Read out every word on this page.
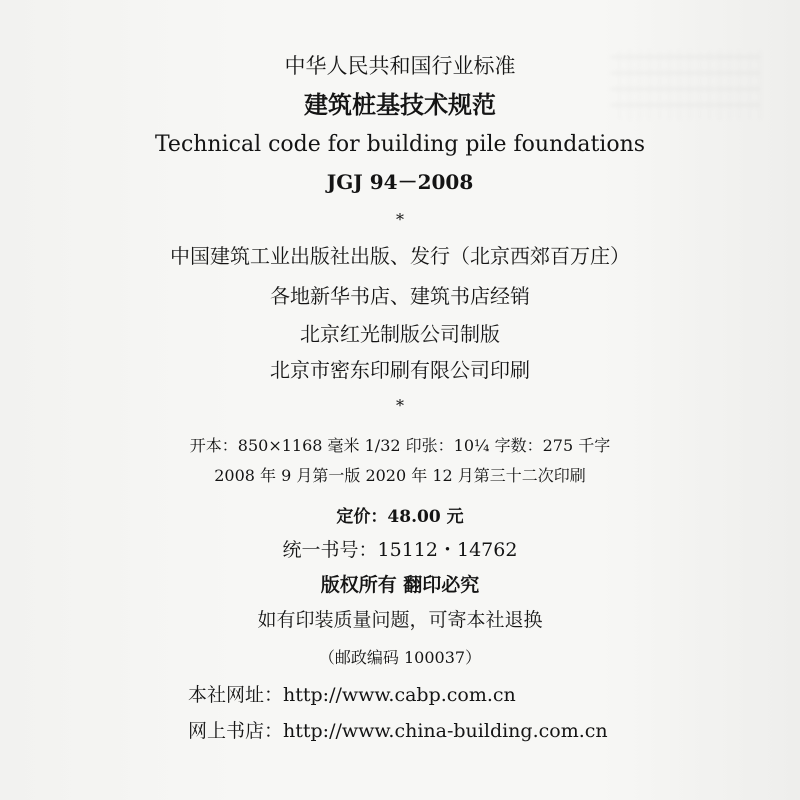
中华人民共和国行业标准
建筑桩基技术规范
Technical code for building pile foundations
JGJ 94－2008
*
中国建筑工业出版社出版、发行（北京西郊百万庄）
各地新华书店、建筑书店经销
北京红光制版公司制版
北京市密东印刷有限公司印刷
*
开本：850×1168 毫米 1/32 印张：10¼ 字数：275 千字
2008 年 9 月第一版 2020 年 12 月第三十二次印刷
定价：48.00 元
统一书号：15112・14762
版权所有 翻印必究
如有印装质量问题，可寄本社退换
（邮政编码 100037）
本社网址：http://www.cabp.com.cn
网上书店：http://www.china-building.com.cn
